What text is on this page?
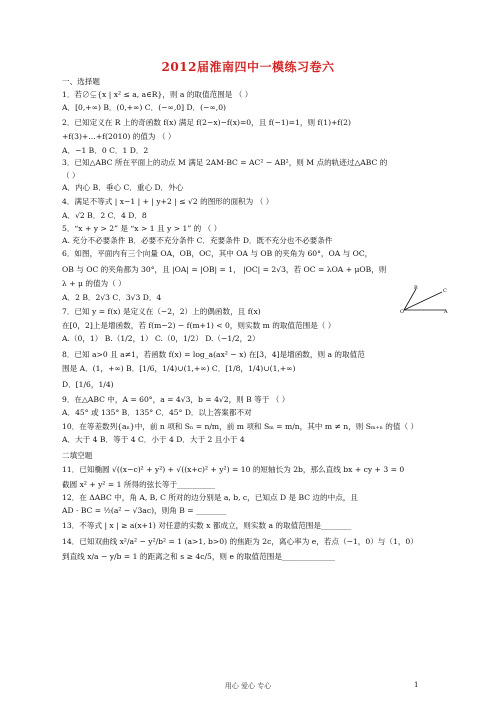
2012届淮南四中一模练习卷六
一、选择题
1．若∅⊊{x | x² ≤ a, a∈R}，则 a 的取值范围是 （ ）
A．[0,+∞) B．(0,+∞) C．(−∞,0] D．(−∞,0)
2．已知定义在 R 上的奇函数 f(x) 满足 f(2−x)−f(x)=0，且 f(−1)=1，则 f(1)+f(2)
+f(3)+…+f(2010) 的值为 （ ）
A．−1 B．0 C．1 D．2
3．已知△ABC 所在平面上的动点 M 满足 2AM·BC = AC² − AB²，则 M 点的轨迹过△ABC 的
（ ）
A．内心 B．垂心 C．重心 D．外心
4．满足不等式 | x−1 | + | y+2 | ≤ √2 的图形的面积为 （ ）
A．√2 B．2 C．4 D．8
5．“x + y > 2” 是 “x > 1 且 y > 1” 的 （ ）
A. 充分不必要条件 B．必要不充分条件 C．充要条件 D．既不充分也不必要条件
6．如图，平面内有三个向量 OA，OB，OC，其中 OA 与 OB 的夹角为 60°，OA 与 OC，
OB 与 OC 的夹角都为 30°，且 |OA| = |OB| = 1， |OC| = 2√3，若 OC = λOA + μOB，则
λ + μ 的值为（ ）
A．2 B．2√3 C．3√3 D．4
7．已知 y = f(x) 是定义在（−2，2）上的偶函数，且 f(x)
在[0，2]上是增函数，若 f(m−2) − f(m+1) < 0，则实数 m 的取值范围是（ ）
A.（0，1） B.（1/2，1） C.（0，1/2） D.（−1/2，2）
8．已知 a>0 且 a≠1，若函数 f(x) = log_a(ax² − x) 在[3，4]是增函数，则 a 的取值范
围是 A．(1，+∞) B．[1/6，1/4)∪(1,+∞) C．[1/8，1/4)∪(1,+∞)
D．[1/6，1/4)
9．在△ABC 中，A = 60°，a = 4√3，b = 4√2，则 B 等于 （ ）
A．45° 或 135° B．135° C．45° D．以上答案都不对
10．在等差数列{aₙ}中，前 n 项和 Sₙ = n/m，前 m 项和 Sₘ = m/n，其中 m ≠ n，则 Sₘ₊ₙ 的值（ ）
A．大于 4 B．等于 4 C．小于 4 D．大于 2 且小于 4
二填空题
11．已知椭圆 √((x−c)² + y²) + √((x+c)² + y²) = 10 的短轴长为 2b，那么直线 bx + cy + 3 = 0
截圆 x² + y² = 1 所得的弦长等于__________
12．在 ΔABC 中，角 A, B, C 所对的边分别是 a, b, c，已知点 D 是 BC 边的中点，且
AD · BC = ½(a² − √3ac)，则角 B = ________
13．不等式 | x | ≥ a(x+1) 对任意的实数 x 都成立，则实数 a 的取值范围是________
14．已知双曲线 x²/a² − y²/b² = 1 (a>1, b>0) 的焦距为 2c，离心率为 e，若点（−1，0）与（1，0）
到直线 x/a − y/b = 1 的距离之和 s ≥ 4c/5，则 e 的取值范围是______________
O	A
B	C
用心 爱心 专心	1
